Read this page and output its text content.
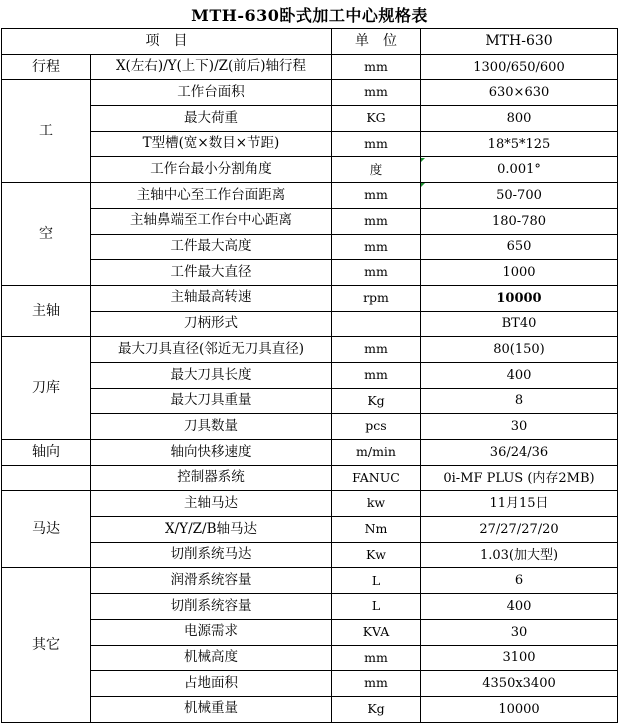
MTH-630卧式加工中心规格表
项　目		单　位	MTH-630
行程	X(左右)/Y(上下)/Z(前后)轴行程	mm	1300/650/600
工	工作台面积	mm	630×630
	最大荷重	KG	800
	T型槽(宽×数目×节距)	mm	18*5*125
	工作台最小分割角度	度	0.001°
空	主轴中心至工作台面距离	mm	50-700
	主轴鼻端至工作台中心距离	mm	180-780
	工件最大高度	mm	650
	工件最大直径	mm	1000
主轴	主轴最高转速	rpm	10000
	刀柄形式		BT40
刀库	最大刀具直径(邻近无刀具直径)	mm	80(150)
	最大刀具长度	mm	400
	最大刀具重量	Kg	8
	刀具数量	pcs	30
轴向	轴向快移速度	m/min	36/24/36
	控制器系统	FANUC	0i-MF PLUS (内存2MB)
马达	主轴马达	kw	11月15日
	X/Y/Z/B轴马达	Nm	27/27/27/20
	切削系统马达	Kw	1.03(加大型)
其它	润滑系统容量	L	6
	切削系统容量	L	400
	电源需求	KVA	30
	机械高度	mm	3100
	占地面积	mm	4350x3400
	机械重量	Kg	10000
